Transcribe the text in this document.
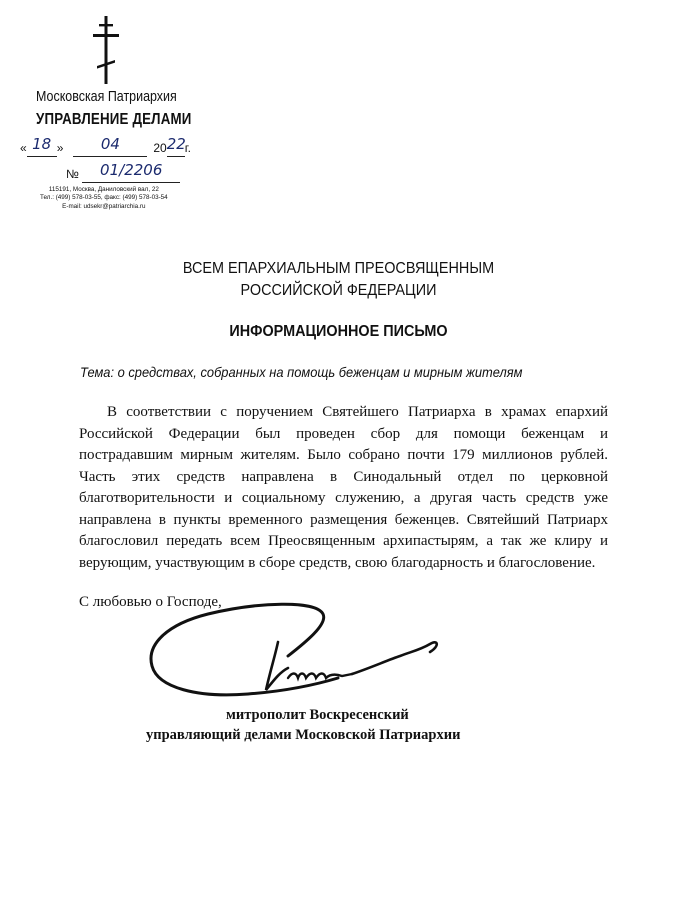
Московская Патриархия
УПРАВЛЕНИЕ ДЕЛАМИ
« 18 » 04	2022г.
№ 01/2206
115191, Москва, Даниловский вал, 22
Тел.: (499) 578-03-55, факс: (499) 578-03-54
E-mail: udsekr@patriarchia.ru
ВСЕМ ЕПАРХИАЛЬНЫМ ПРЕОСВЯЩЕННЫМ
РОССИЙСКОЙ ФЕДЕРАЦИИ
ИНФОРМАЦИОННОЕ ПИСЬМО
Тема: о средствах, собранных на помощь беженцам и мирным жителям
В соответствии с поручением Святейшего Патриарха в храмах епархий Российской Федерации был проведен сбор для помощи беженцам и пострадавшим мирным жителям. Было собрано почти 179 миллионов рублей. Часть этих средств направлена в Синодальный отдел по церковной благотворительности и социальному служению, а другая часть средств уже направлена в пункты временного размещения беженцев. Святейший Патриарх благословил передать всем Преосвященным архипастырям, а так же клиру и верующим, участвующим в сборе средств, свою благодарность и благословение.
С любовью о Господе,
митрополит Воскресенский
управляющий делами Московской Патриархии
